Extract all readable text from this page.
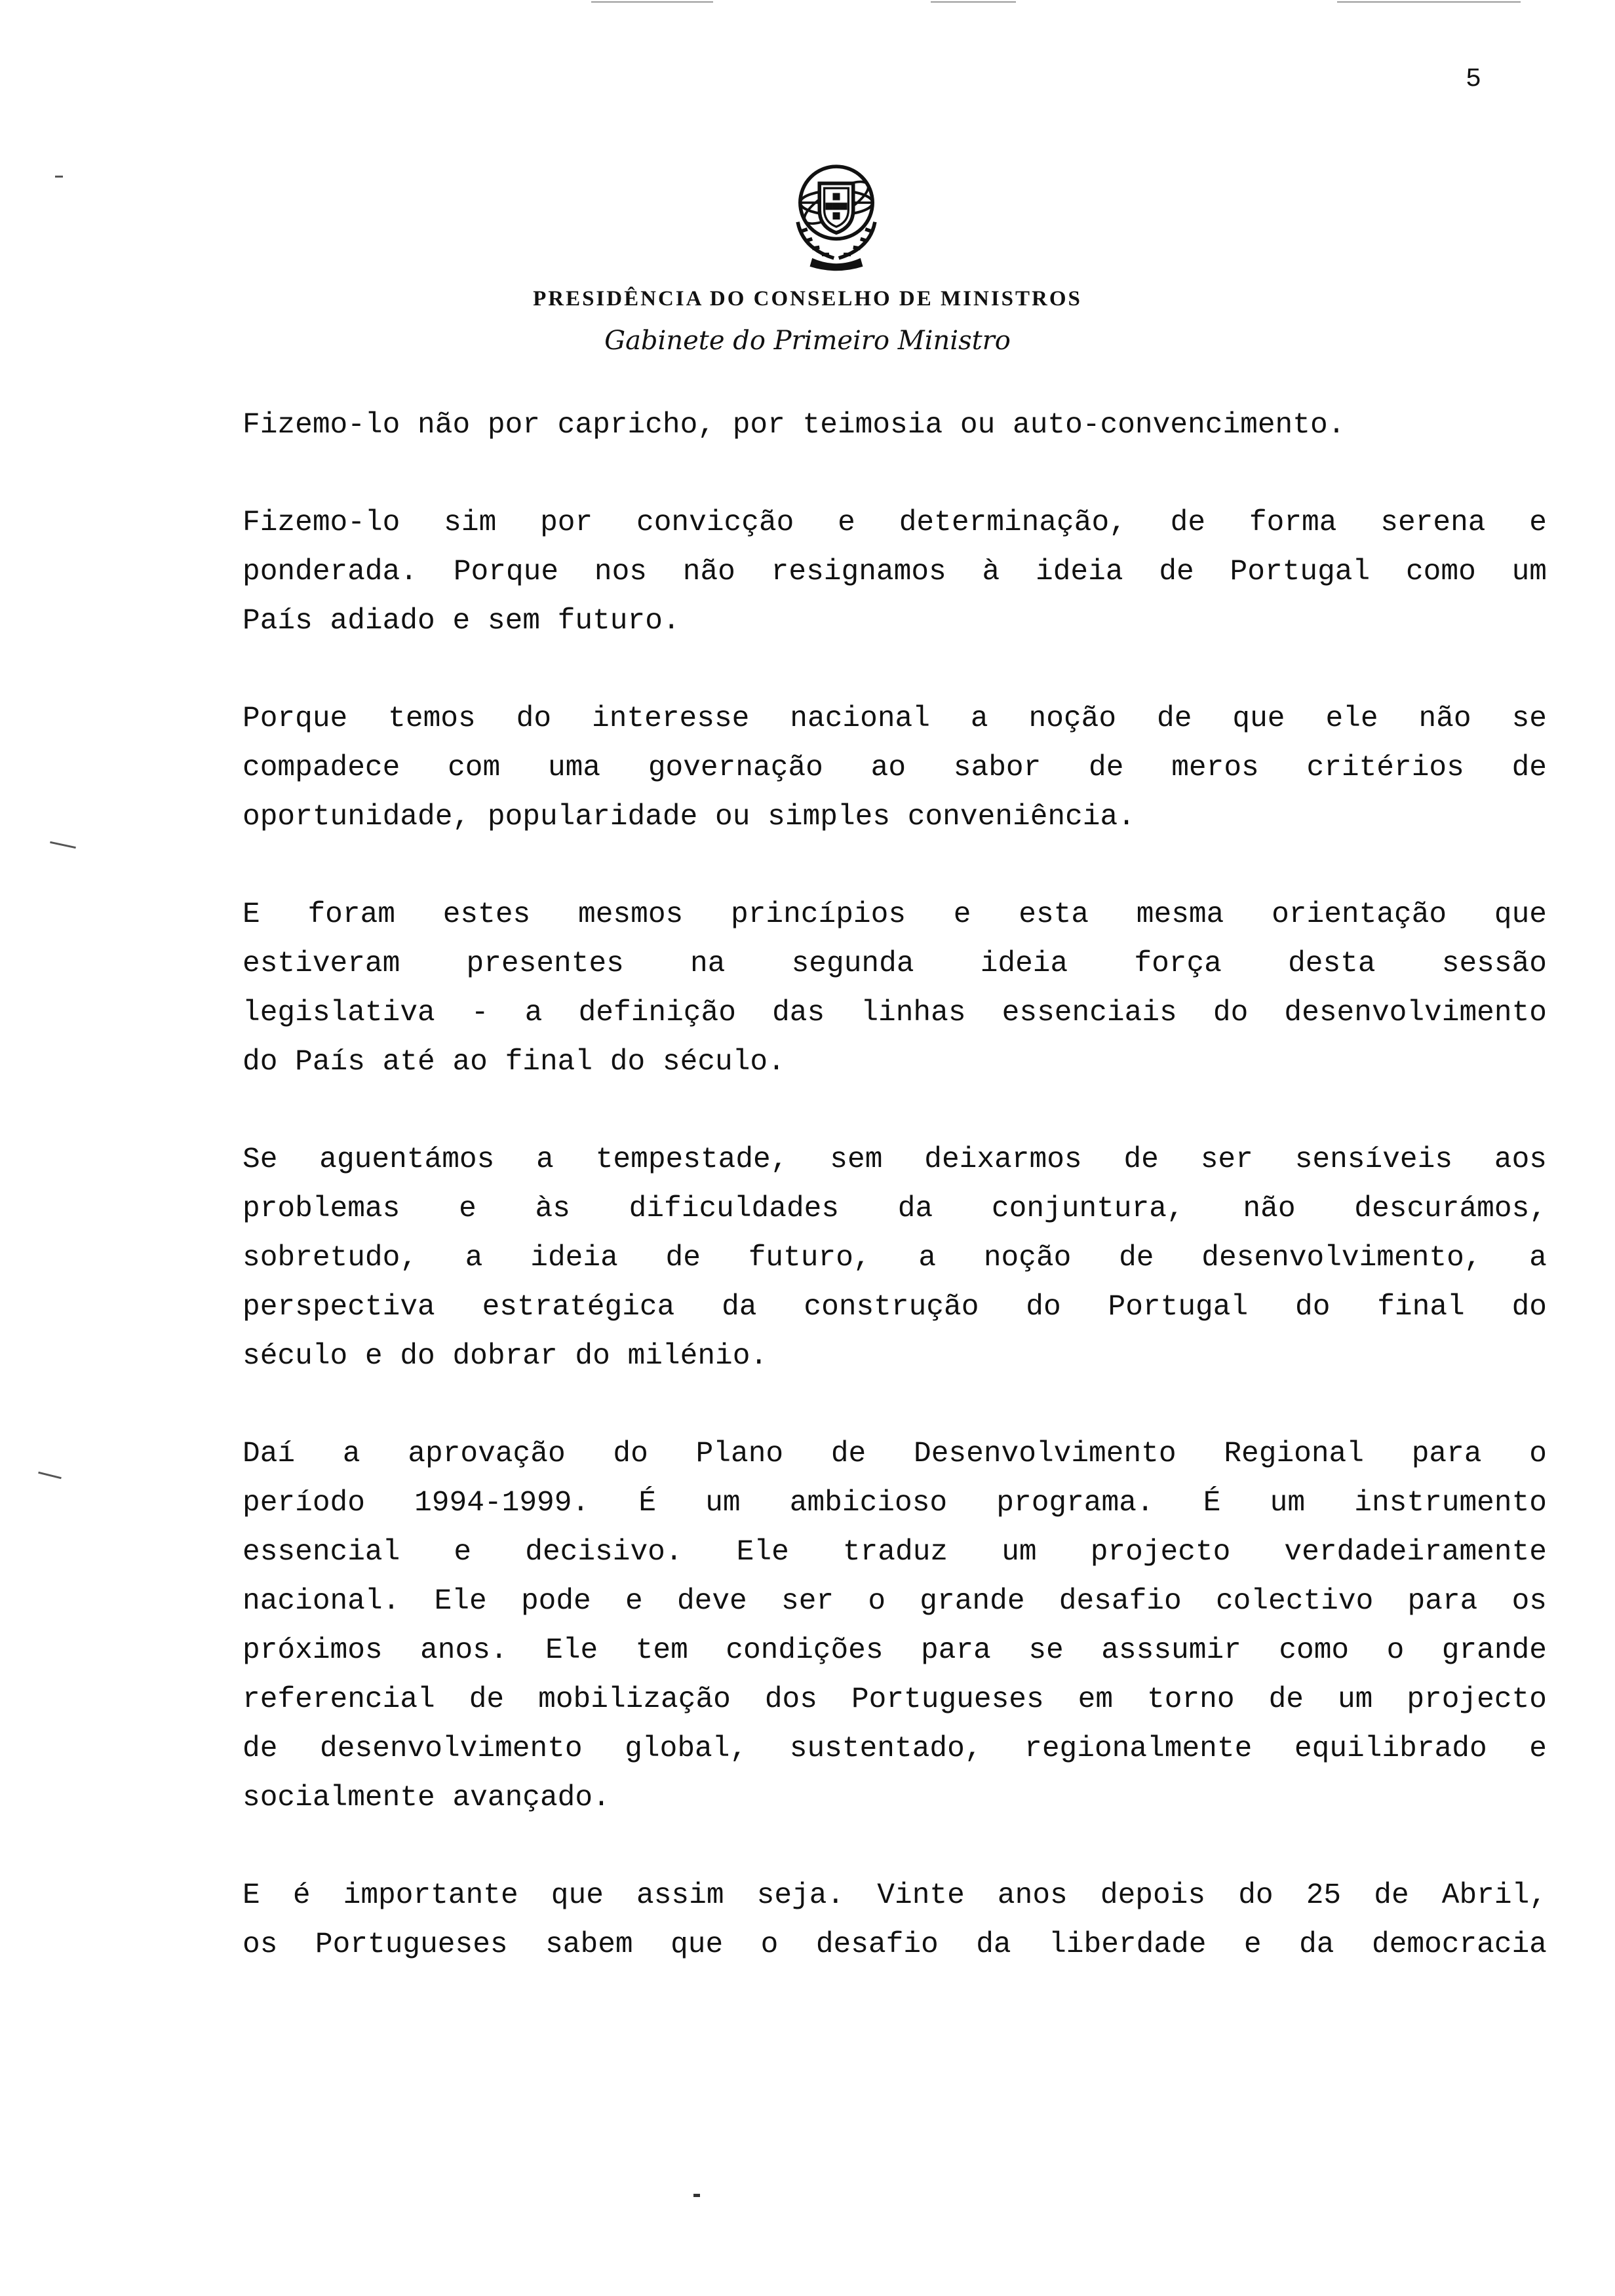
5

PRESIDÊNCIA DO CONSELHO DE MINISTROS

Gabinete do Primeiro Ministro

Fizemo-lo não por capricho, por teimosia ou auto-convencimento.

Fizemo-lo sim por convicção e determinação, de forma serena e
ponderada. Porque nos não resignamos à ideia de Portugal como um
País adiado e sem futuro.

Porque temos do interesse nacional a noção de que ele não se
compadece com uma governação ao sabor de meros critérios de
oportunidade, popularidade ou simples conveniência.

E foram estes mesmos princípios e esta mesma orientação que
estiveram presentes na segunda ideia força desta sessão
legislativa - a definição das linhas essenciais do desenvolvimento
do País até ao final do século.

Se aguentámos a tempestade, sem deixarmos de ser sensíveis aos
problemas e às dificuldades da conjuntura, não descurámos,
sobretudo, a ideia de futuro, a noção de desenvolvimento, a
perspectiva estratégica da construção do Portugal do final do
século e do dobrar do milénio.

Daí a aprovação do Plano de Desenvolvimento Regional para o
período 1994-1999. É um ambicioso programa. É um instrumento
essencial e decisivo. Ele traduz um projecto verdadeiramente
nacional. Ele pode e deve ser o grande desafio colectivo para os
próximos anos. Ele tem condições para se asssumir como o grande
referencial de mobilização dos Portugueses em torno de um projecto
de desenvolvimento global, sustentado, regionalmente equilibrado e
socialmente avançado.

E é importante que assim seja. Vinte anos depois do 25 de Abril,
os Portugueses sabem que o desafio da liberdade e da democracia
